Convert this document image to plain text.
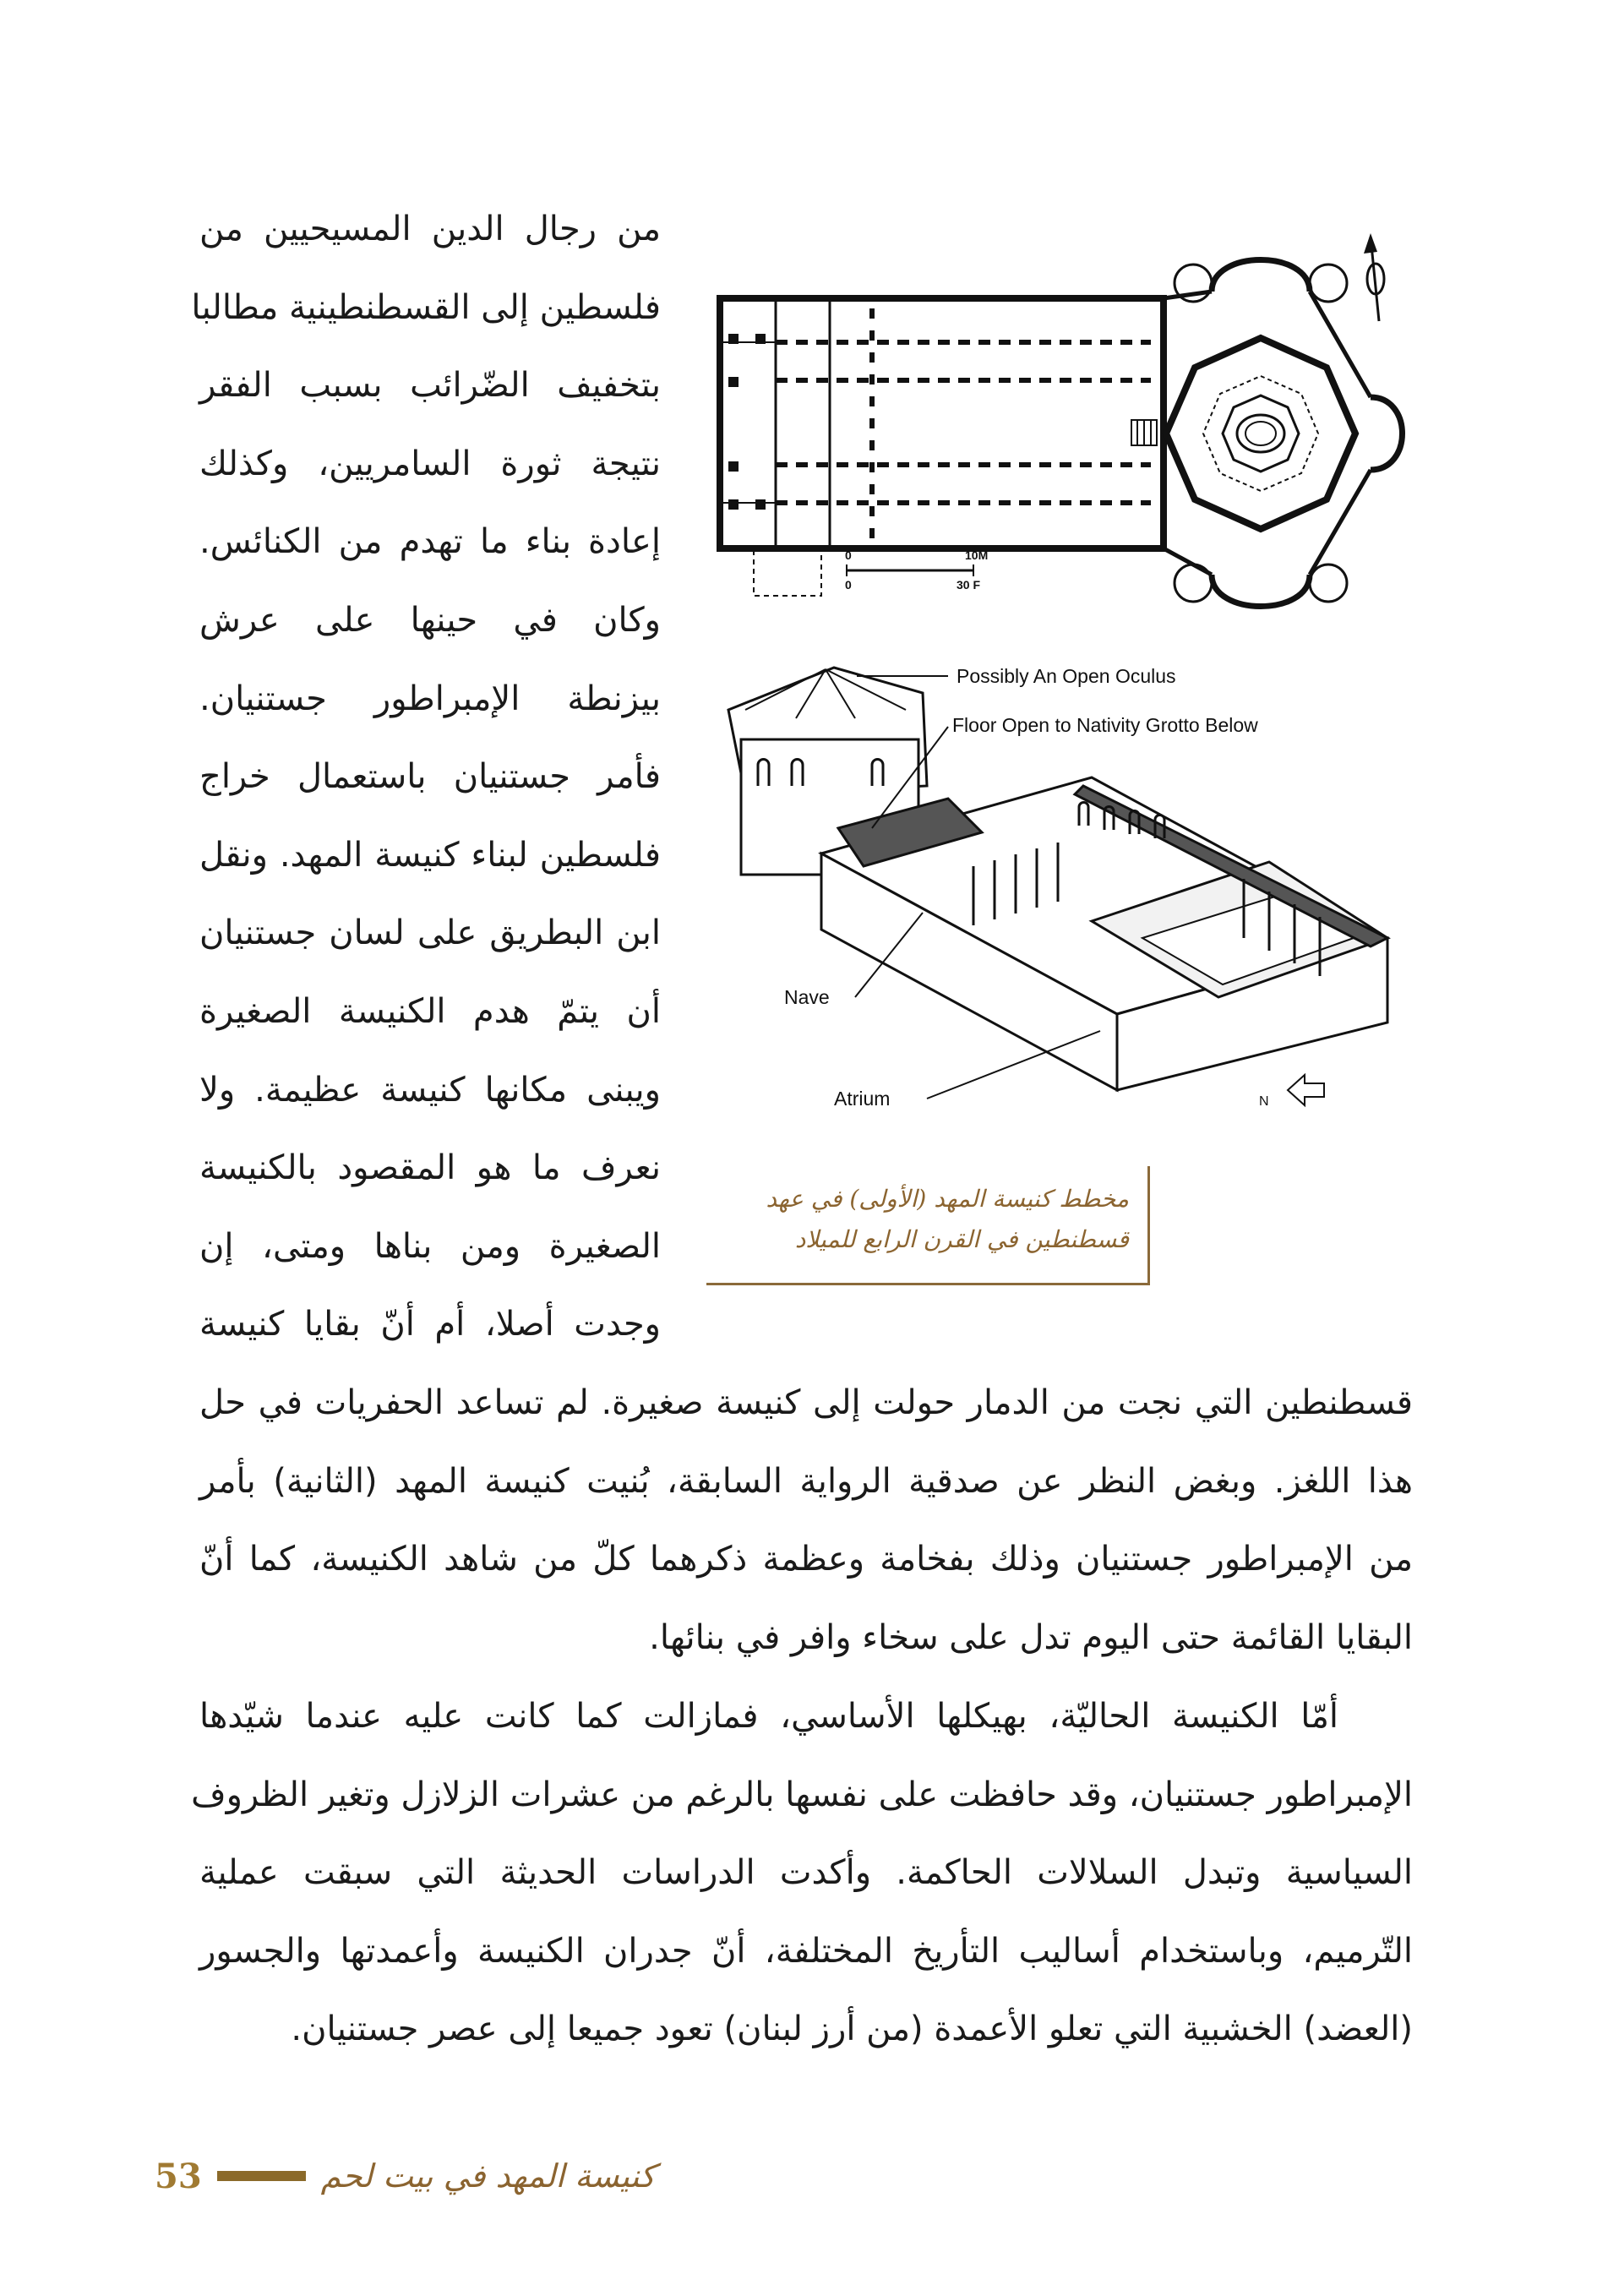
من رجال الدين المسيحيين من
فلسطين إلى القسطنطينية مطالبا
بتخفيف الضّرائب بسبب الفقر
نتيجة ثورة السامريين، وكذلك
إعادة بناء ما تهدم من الكنائس.
وكان في حينها على عرش
بيزنطة الإمبراطور جستنيان.
فأمر جستنيان باستعمال خراج
فلسطين لبناء كنيسة المهد. ونقل
ابن البطريق على لسان جستنيان
أن يتمّ هدم الكنيسة الصغيرة
ويبنى مكانها كنيسة عظيمة. ولا
نعرف ما هو المقصود بالكنيسة
الصغيرة ومن بناها ومتى، إن
وجدت أصلا، أم أنّ بقايا كنيسة
0	10M
0	30 F
N
Possibly An Open Oculus
Floor Open to Nativity Grotto Below
Nave
Atrium
مخطط كنيسة المهد (الأولى) في عهد
قسطنطين في القرن الرابع للميلاد
قسطنطين التي نجت من الدمار حولت إلى كنيسة صغيرة. لم تساعد الحفريات في حل
هذا اللغز. وبغض النظر عن صدقية الرواية السابقة، بُنيت كنيسة المهد (الثانية) بأمر
من الإمبراطور جستنيان وذلك بفخامة وعظمة ذكرهما كلّ من شاهد الكنيسة، كما أنّ
البقايا القائمة حتى اليوم تدل على سخاء وافر في بنائها.
أمّا الكنيسة الحاليّة، بهيكلها الأساسي، فمازالت كما كانت عليه عندما شيّدها
الإمبراطور جستنيان، وقد حافظت على نفسها بالرغم من عشرات الزلازل وتغير الظروف
السياسية وتبدل السلالات الحاكمة. وأكدت الدراسات الحديثة التي سبقت عملية
التّرميم، وباستخدام أساليب التأريخ المختلفة، أنّ جدران الكنيسة وأعمدتها والجسور
(العضد) الخشبية التي تعلو الأعمدة (من أرز لبنان) تعود جميعا إلى عصر جستنيان.
53	كنيسة المهد في بيت لحم
